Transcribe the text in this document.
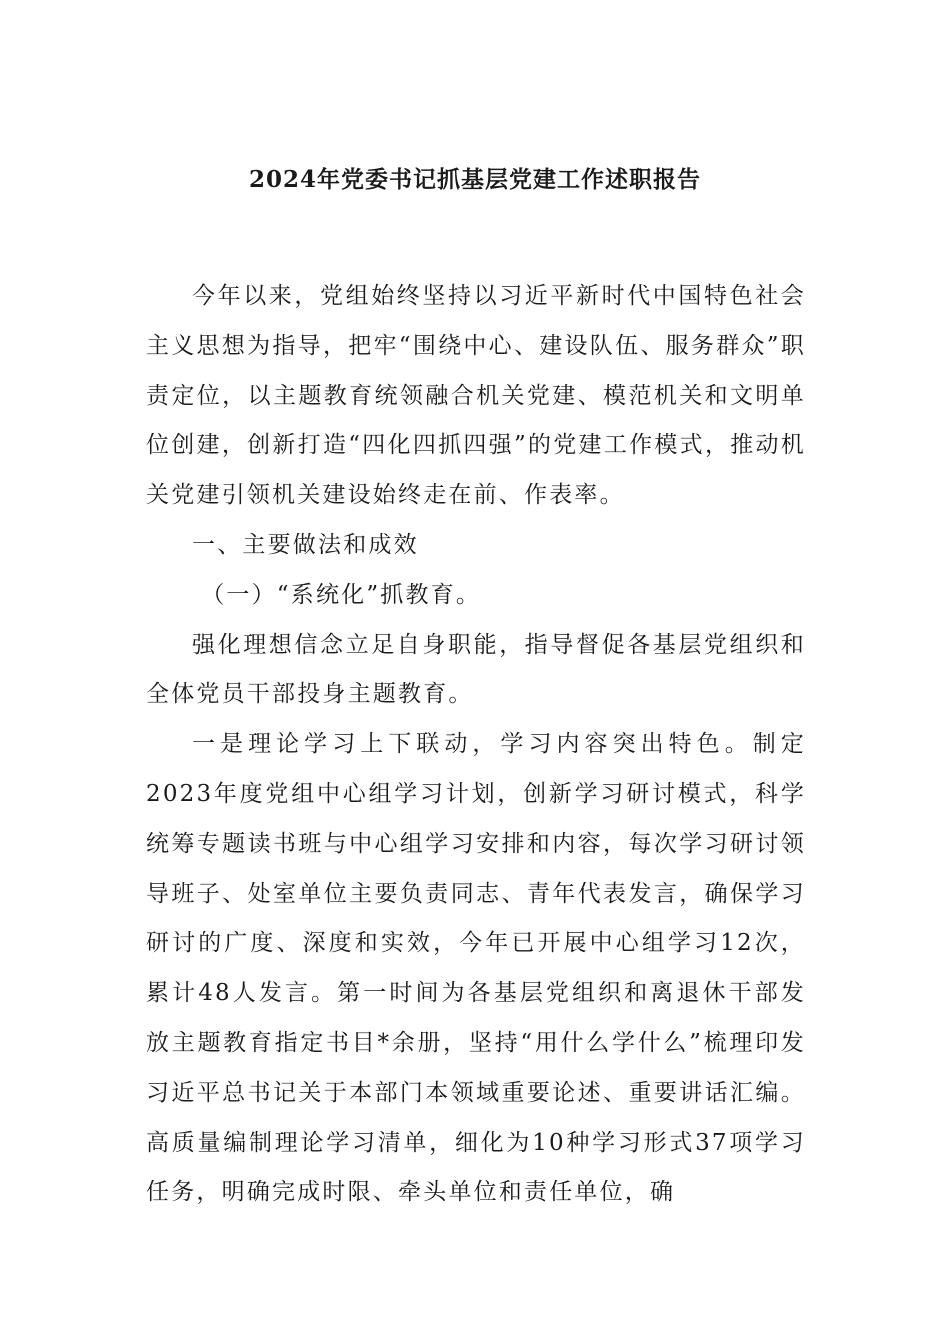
2024年党委书记抓基层党建工作述职报告

今年以来，党组始终坚持以习近平新时代中国特色社会主义思想为指导，把牢“围绕中心、建设队伍、服务群众”职责定位，以主题教育统领融合机关党建、模范机关和文明单位创建，创新打造“四化四抓四强”的党建工作模式，推动机关党建引领机关建设始终走在前、作表率。

一、主要做法和成效

（一）“系统化”抓教育。

强化理想信念立足自身职能，指导督促各基层党组织和全体党员干部投身主题教育。

一是理论学习上下联动，学习内容突出特色。制定2023年度党组中心组学习计划，创新学习研讨模式，科学统筹专题读书班与中心组学习安排和内容，每次学习研讨领导班子、处室单位主要负责同志、青年代表发言，确保学习研讨的广度、深度和实效，今年已开展中心组学习12次，累计48人发言。第一时间为各基层党组织和离退休干部发放主题教育指定书目*余册，坚持“用什么学什么”梳理印发习近平总书记关于本部门本领域重要论述、重要讲话汇编。高质量编制理论学习清单，细化为10种学习形式37项学习任务，明确完成时限、牵头单位和责任单位，确
